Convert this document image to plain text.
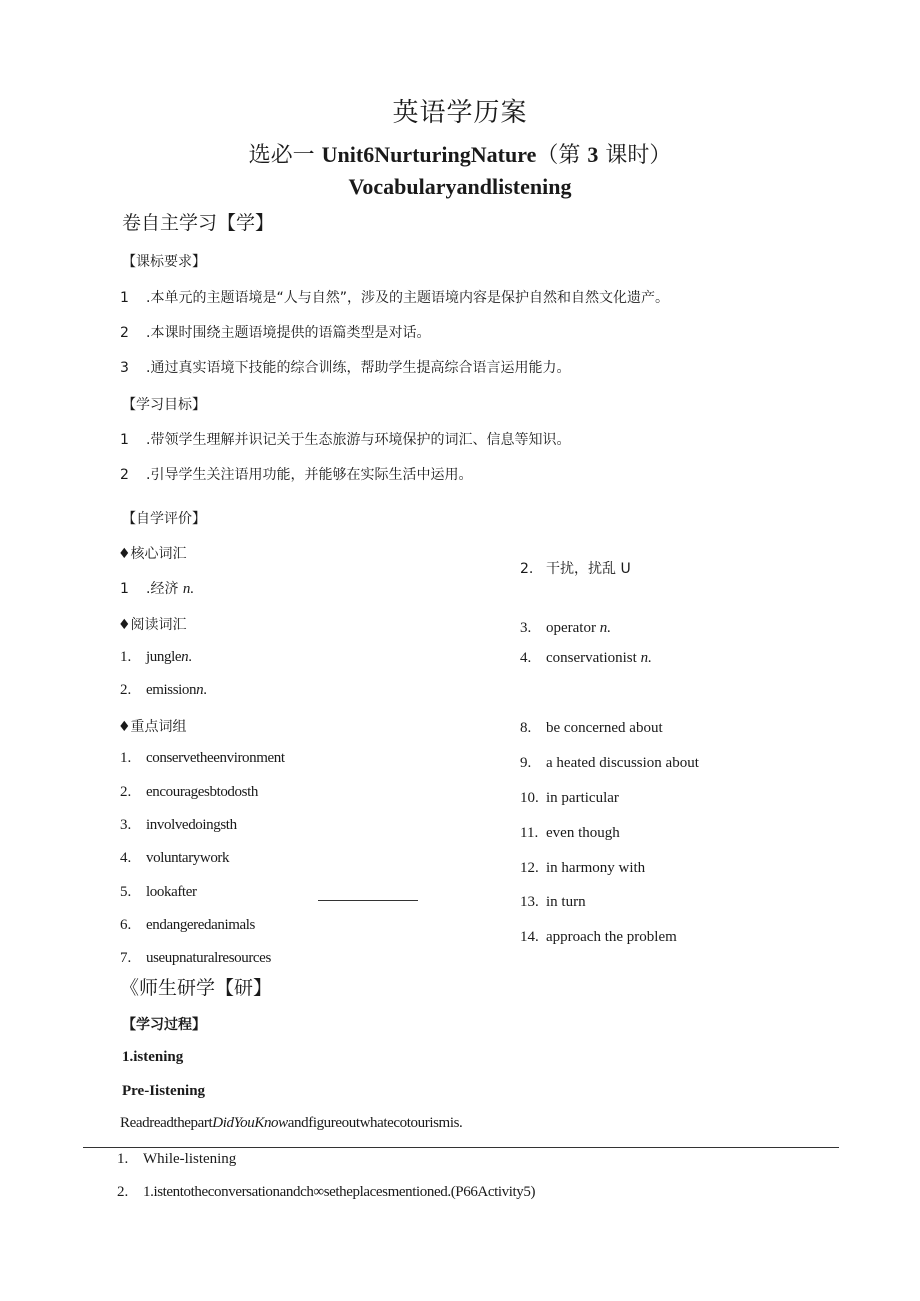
英语学历案
选必一 Unit6NurturingNature（第 3 课时）
Vocabularyandlistening
卷自主学习【学】
【课标要求】
1 .本单元的主题语境是“人与自然”，涉及的主题语境内容是保护自然和自然文化遗产。
2 .本课时围绕主题语境提供的语篇类型是对话。
3 .通过真实语境下技能的综合训练，帮助学生提高综合语言运用能力。
【学习目标】
1 .带领学生理解并识记关于生态旅游与环境保护的词汇、信息等知识。
2 .引导学生关注语用功能，并能够在实际生活中运用。
【自学评价】
♦核心词汇
1 .经济 n.
♦阅读词汇
1. junglen.
2. emissionn.
2. 干扰，扰乱 U
3. operator n.
4. conservationist n.
♦重点词组
1. conservetheenvironment
2. encouragesbtodosth
3. involvedoingsth
4. voluntarywork
5. lookafter
6. endangeredanimals
7. useupnaturalresources
8. be concerned about
9. a heated discussion about
10. in particular
11. even though
12. in harmony with
13. in turn
14. approach the problem
《师生研学【研】
【学习过程】
1.istening
Pre-Iistening
ReadreadthepartDidYouKnowandfigureoutwhatecotourismis.
1. While-listening
2. 1.istentotheconversationandch∞setheplacesmentioned.(P66Activity5)
